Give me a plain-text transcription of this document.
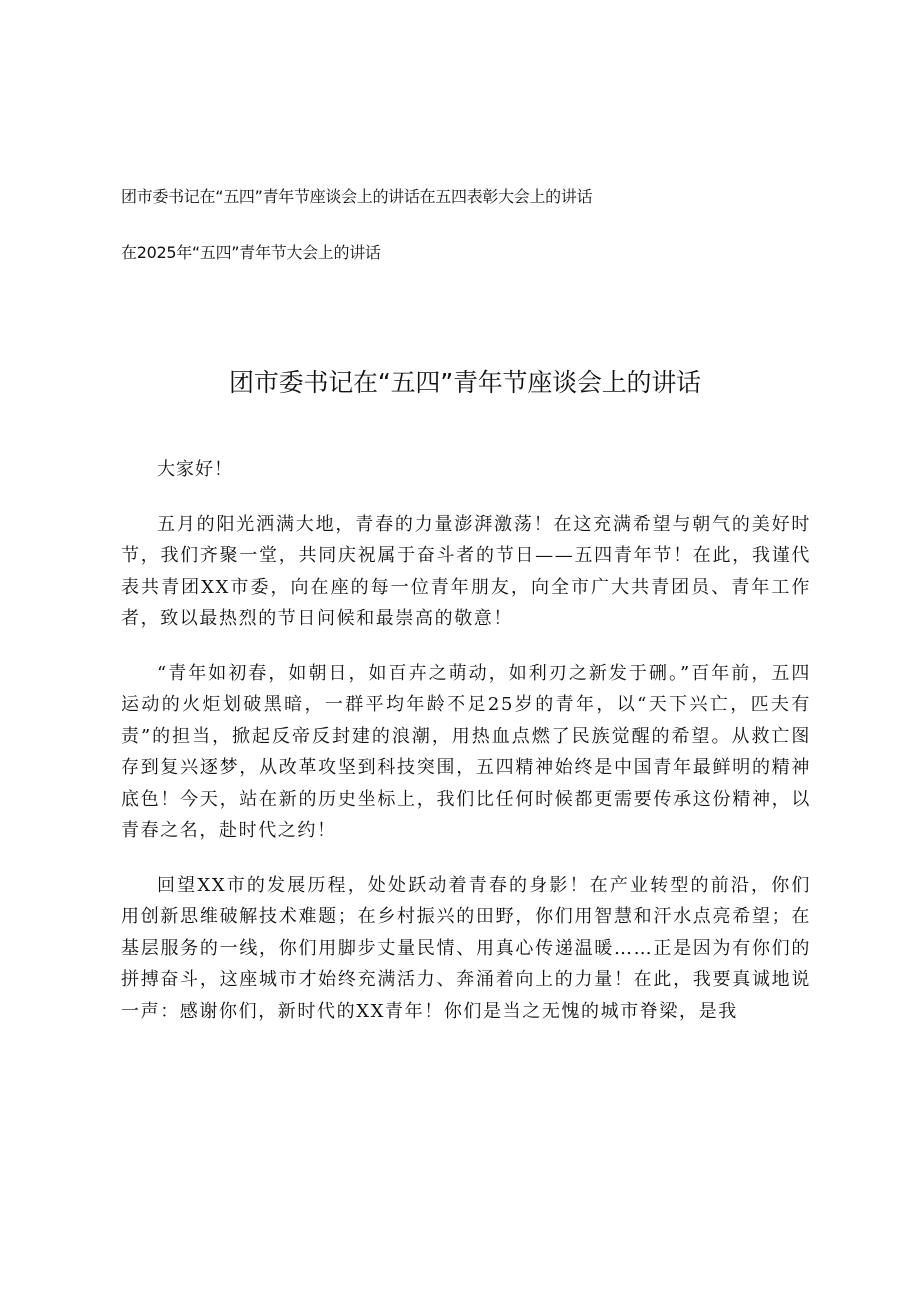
团市委书记在“五四”青年节座谈会上的讲话在五四表彰大会上的讲话
在2025年“五四”青年节大会上的讲话
团市委书记在“五四”青年节座谈会上的讲话

大家好！

五月的阳光洒满大地，青春的力量澎湃激荡！在这充满希望与朝气的美好时节，我们齐聚一堂，共同庆祝属于奋斗者的节日——五四青年节！在此，我谨代表共青团XX市委，向在座的每一位青年朋友，向全市广大共青团员、青年工作者，致以最热烈的节日问候和最崇高的敬意！

“青年如初春，如朝日，如百卉之萌动，如利刃之新发于硎。”百年前，五四运动的火炬划破黑暗，一群平均年龄不足25岁的青年，以“天下兴亡，匹夫有责”的担当，掀起反帝反封建的浪潮，用热血点燃了民族觉醒的希望。从救亡图存到复兴逐梦，从改革攻坚到科技突围，五四精神始终是中国青年最鲜明的精神底色！今天，站在新的历史坐标上，我们比任何时候都更需要传承这份精神，以青春之名，赴时代之约！

回望XX市的发展历程，处处跃动着青春的身影！在产业转型的前沿，你们用创新思维破解技术难题；在乡村振兴的田野，你们用智慧和汗水点亮希望；在基层服务的一线，你们用脚步丈量民情、用真心传递温暖……正是因为有你们的拼搏奋斗，这座城市才始终充满活力、奔涌着向上的力量！在此，我要真诚地说一声：感谢你们，新时代的XX青年！你们是当之无愧的城市脊梁，是我
